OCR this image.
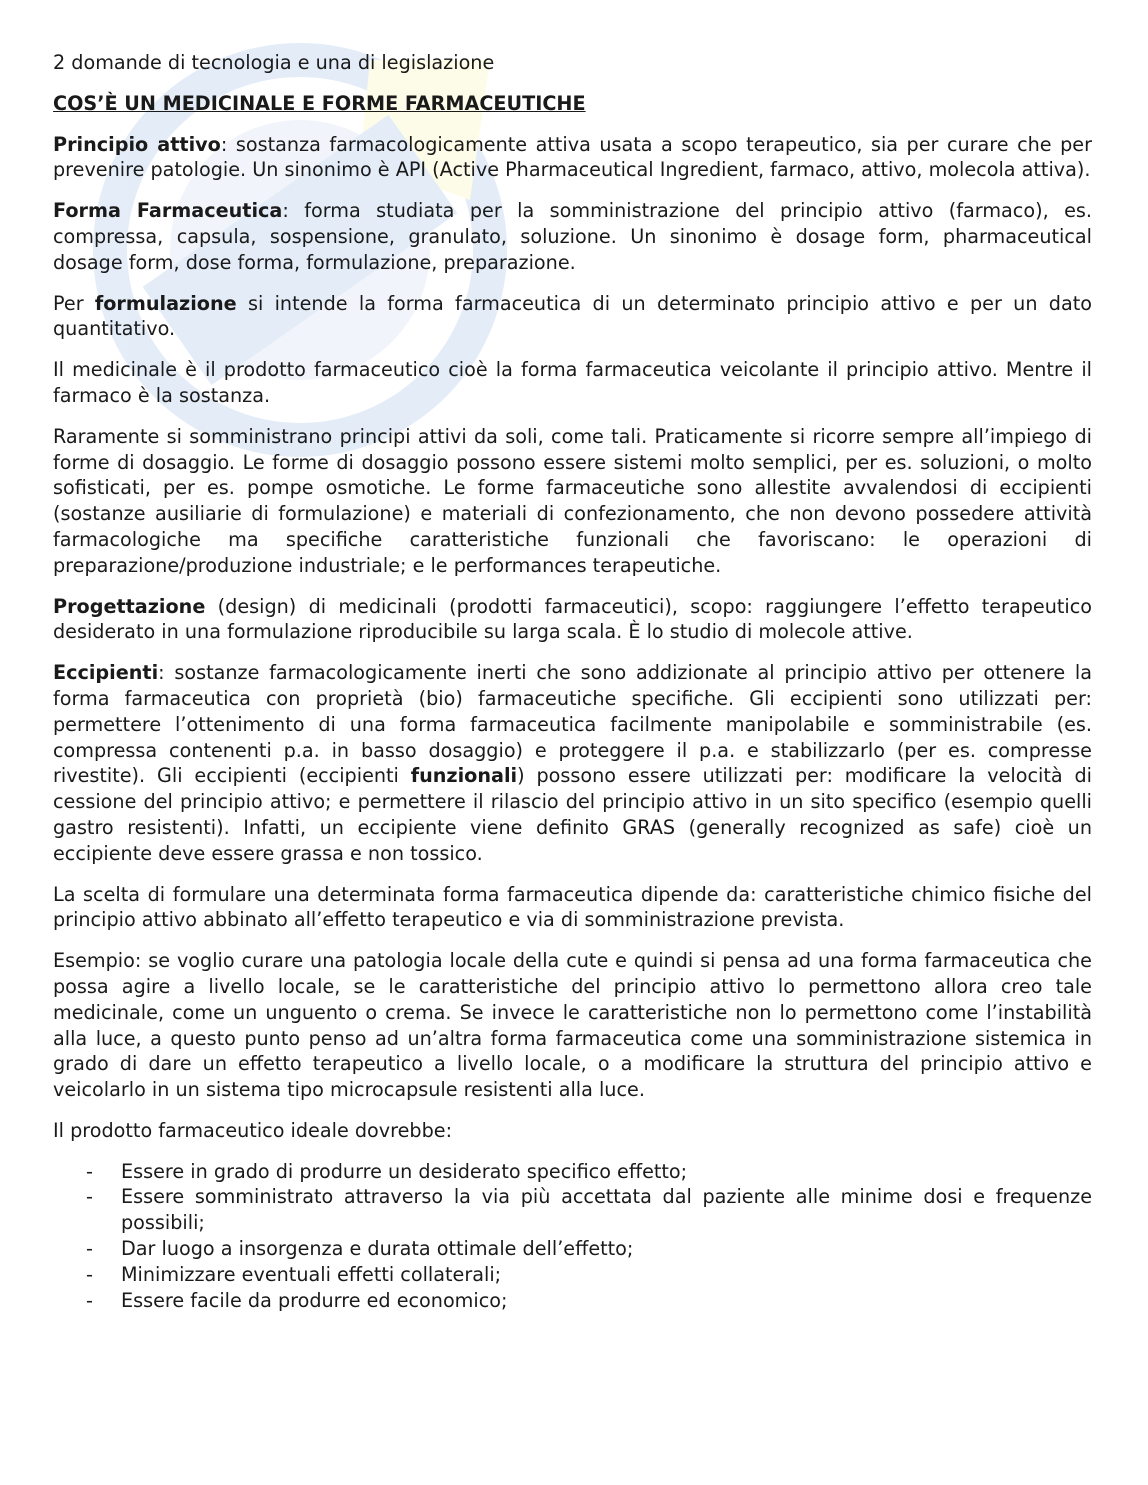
2 domande di tecnologia e una di legislazione

COS’È UN MEDICINALE E FORME FARMACEUTICHE

Principio attivo: sostanza farmacologicamente attiva usata a scopo terapeutico, sia per curare che per prevenire patologie. Un sinonimo è API (Active Pharmaceutical Ingredient, farmaco, attivo, molecola attiva).

Forma Farmaceutica: forma studiata per la somministrazione del principio attivo (farmaco), es. compressa, capsula, sospensione, granulato, soluzione. Un sinonimo è dosage form, pharmaceutical dosage form, dose forma, formulazione, preparazione.

Per formulazione si intende la forma farmaceutica di un determinato principio attivo e per un dato quantitativo.

Il medicinale è il prodotto farmaceutico cioè la forma farmaceutica veicolante il principio attivo. Mentre il farmaco è la sostanza.

Raramente si somministrano principi attivi da soli, come tali. Praticamente si ricorre sempre all’impiego di forme di dosaggio. Le forme di dosaggio possono essere sistemi molto semplici, per es. soluzioni, o molto sofisticati, per es. pompe osmotiche. Le forme farmaceutiche sono allestite avvalendosi di eccipienti (sostanze ausiliarie di formulazione) e materiali di confezionamento, che non devono possedere attività farmacologiche ma specifiche caratteristiche funzionali che favoriscano: le operazioni di preparazione/produzione industriale; e le performances terapeutiche.

Progettazione (design) di medicinali (prodotti farmaceutici), scopo: raggiungere l’effetto terapeutico desiderato in una formulazione riproducibile su larga scala. È lo studio di molecole attive.

Eccipienti: sostanze farmacologicamente inerti che sono addizionate al principio attivo per ottenere la forma farmaceutica con proprietà (bio) farmaceutiche specifiche. Gli eccipienti sono utilizzati per: permettere l’ottenimento di una forma farmaceutica facilmente manipolabile e somministrabile (es. compressa contenenti p.a. in basso dosaggio) e proteggere il p.a. e stabilizzarlo (per es. compresse rivestite). Gli eccipienti (eccipienti funzionali) possono essere utilizzati per: modificare la velocità di cessione del principio attivo; e permettere il rilascio del principio attivo in un sito specifico (esempio quelli gastro resistenti). Infatti, un eccipiente viene definito GRAS (generally recognized as safe) cioè un eccipiente deve essere grassa e non tossico.

La scelta di formulare una determinata forma farmaceutica dipende da: caratteristiche chimico fisiche del principio attivo abbinato all’effetto terapeutico e via di somministrazione prevista.

Esempio: se voglio curare una patologia locale della cute e quindi si pensa ad una forma farmaceutica che possa agire a livello locale, se le caratteristiche del principio attivo lo permettono allora creo tale medicinale, come un unguento o crema. Se invece le caratteristiche non lo permettono come l’instabilità alla luce, a questo punto penso ad un’altra forma farmaceutica come una somministrazione sistemica in grado di dare un effetto terapeutico a livello locale, o a modificare la struttura del principio attivo e veicolarlo in un sistema tipo microcapsule resistenti alla luce.

Il prodotto farmaceutico ideale dovrebbe:

- Essere in grado di produrre un desiderato specifico effetto;
- Essere somministrato attraverso la via più accettata dal paziente alle minime dosi e frequenze possibili;
- Dar luogo a insorgenza e durata ottimale dell’effetto;
- Minimizzare eventuali effetti collaterali;
- Essere facile da produrre ed economico;
